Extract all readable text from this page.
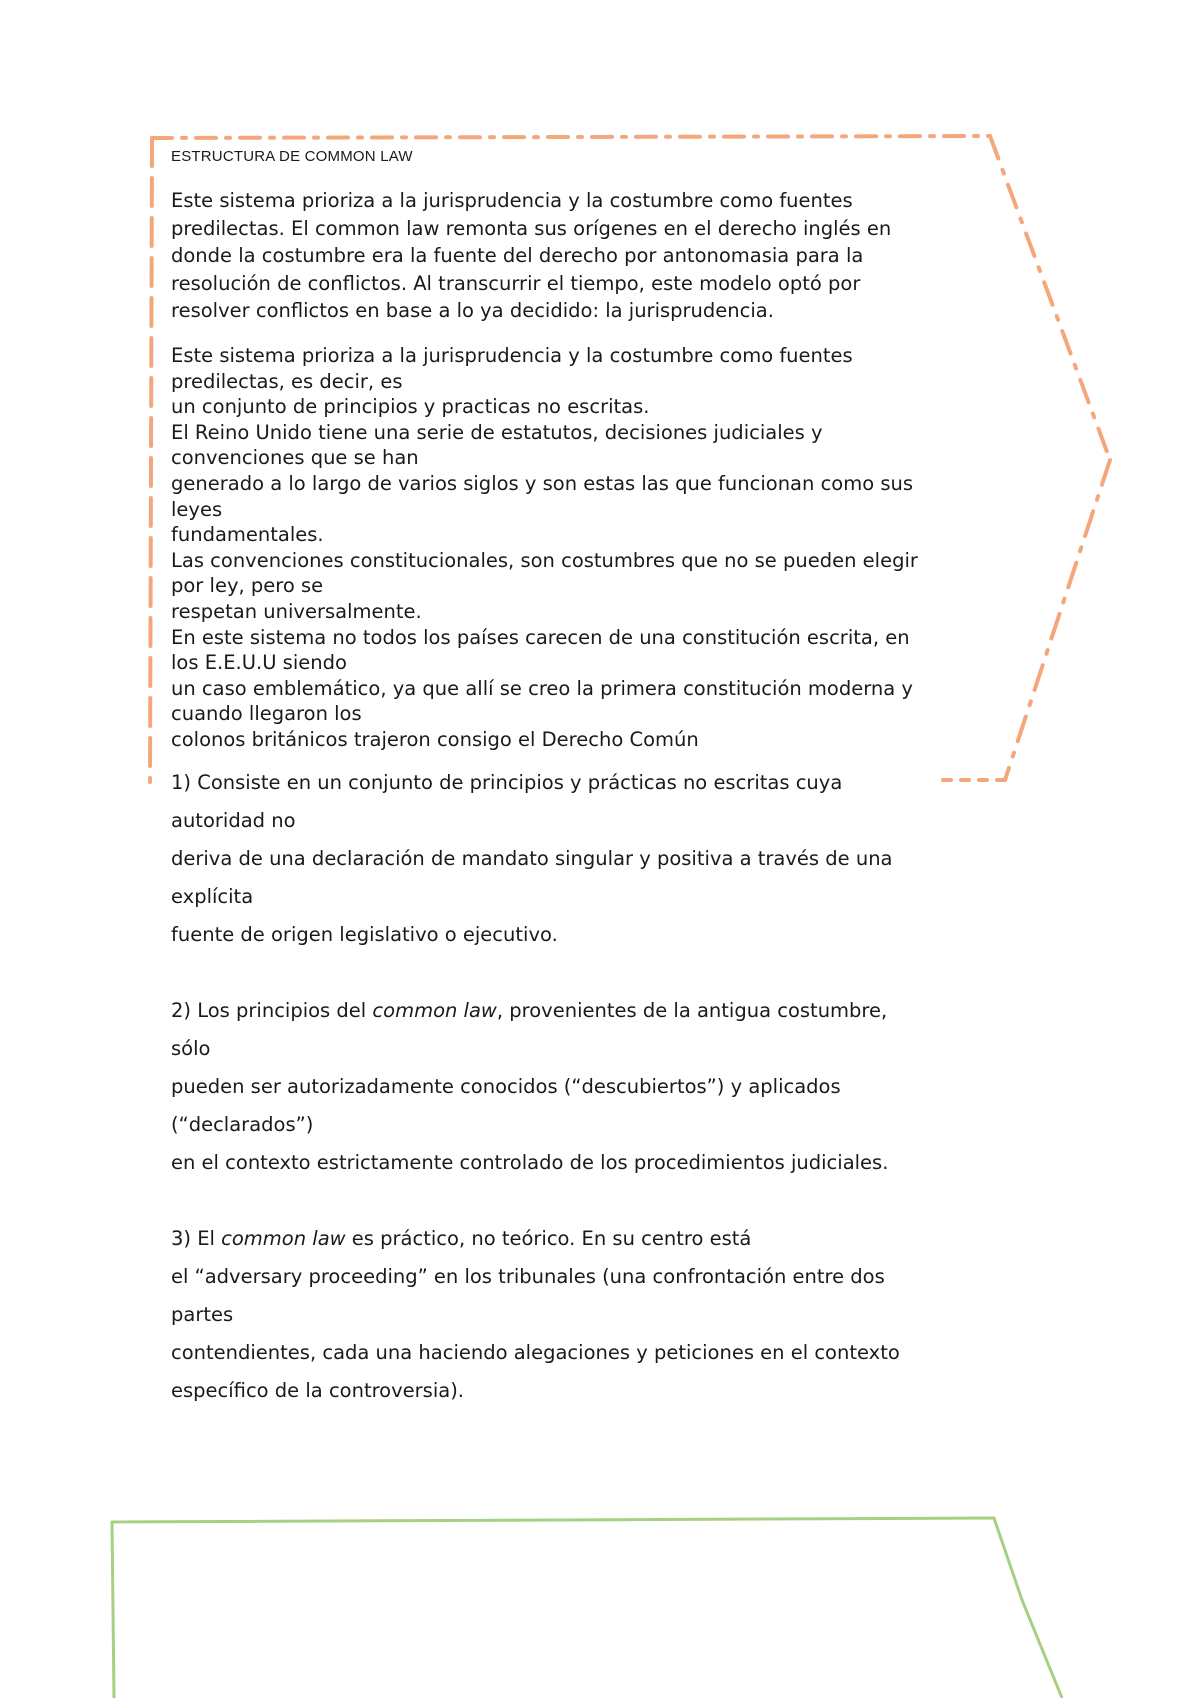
ESTRUCTURA DE COMMON LAW
Este sistema prioriza a la jurisprudencia y la costumbre como fuentes
predilectas. El common law remonta sus orígenes en el derecho inglés en
donde la costumbre era la fuente del derecho por antonomasia para la
resolución de conflictos. Al transcurrir el tiempo, este modelo optó por
resolver conflictos en base a lo ya decidido: la jurisprudencia.
Este sistema prioriza a la jurisprudencia y la costumbre como fuentes
predilectas, es decir, es
un conjunto de principios y practicas no escritas.
El Reino Unido tiene una serie de estatutos, decisiones judiciales y
convenciones que se han
generado a lo largo de varios siglos y son estas las que funcionan como sus
leyes
fundamentales.
Las convenciones constitucionales, son costumbres que no se pueden elegir
por ley, pero se
respetan universalmente.
En este sistema no todos los países carecen de una constitución escrita, en
los E.E.U.U siendo
un caso emblemático, ya que allí se creo la primera constitución moderna y
cuando llegaron los
colonos británicos trajeron consigo el Derecho Común
1) Consiste en un conjunto de principios y prácticas no escritas cuya
autoridad no
deriva de una declaración de mandato singular y positiva a través de una
explícita
fuente de origen legislativo o ejecutivo.
2) Los principios del common law, provenientes de la antigua costumbre,
sólo
pueden ser autorizadamente conocidos (“descubiertos”) y aplicados
(“declarados”)
en el contexto estrictamente controlado de los procedimientos judiciales.
3) El common law es práctico, no teórico. En su centro está
el “adversary proceeding” en los tribunales (una confrontación entre dos
partes
contendientes, cada una haciendo alegaciones y peticiones en el contexto
específico de la controversia).
